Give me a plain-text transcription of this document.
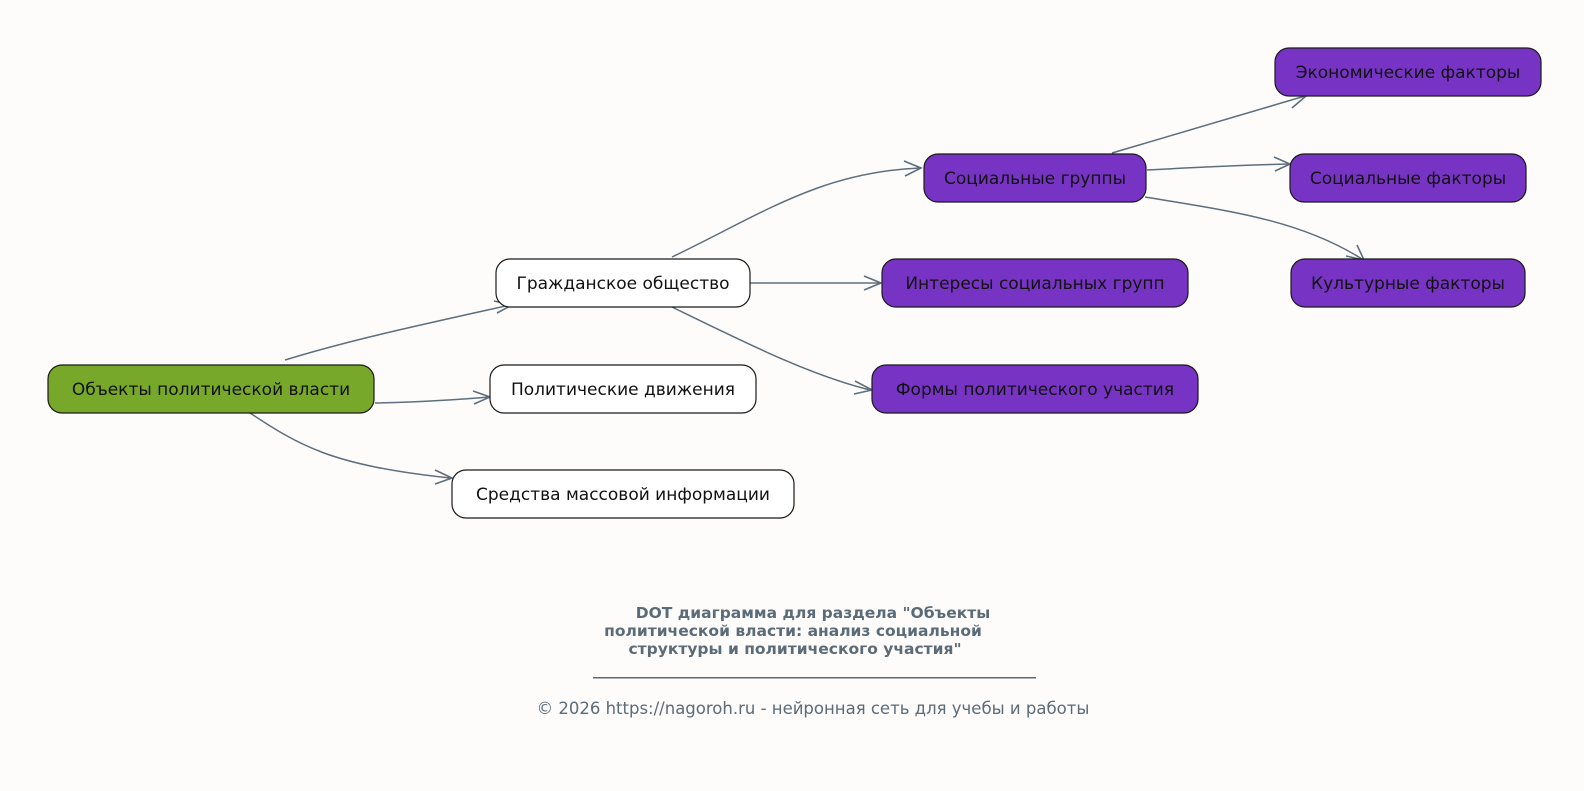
Объекты политической власти
Гражданское общество
Политические движения
Средства массовой информации
Социальные группы
Интересы социальных групп
Формы политического участия
Экономические факторы
Социальные факторы
Культурные факторы
DOT диаграмма для раздела "Объекты
политической власти: анализ социальной
структуры и политического участия"
© 2026 https://nagoroh.ru - нейронная сеть для учебы и работы
